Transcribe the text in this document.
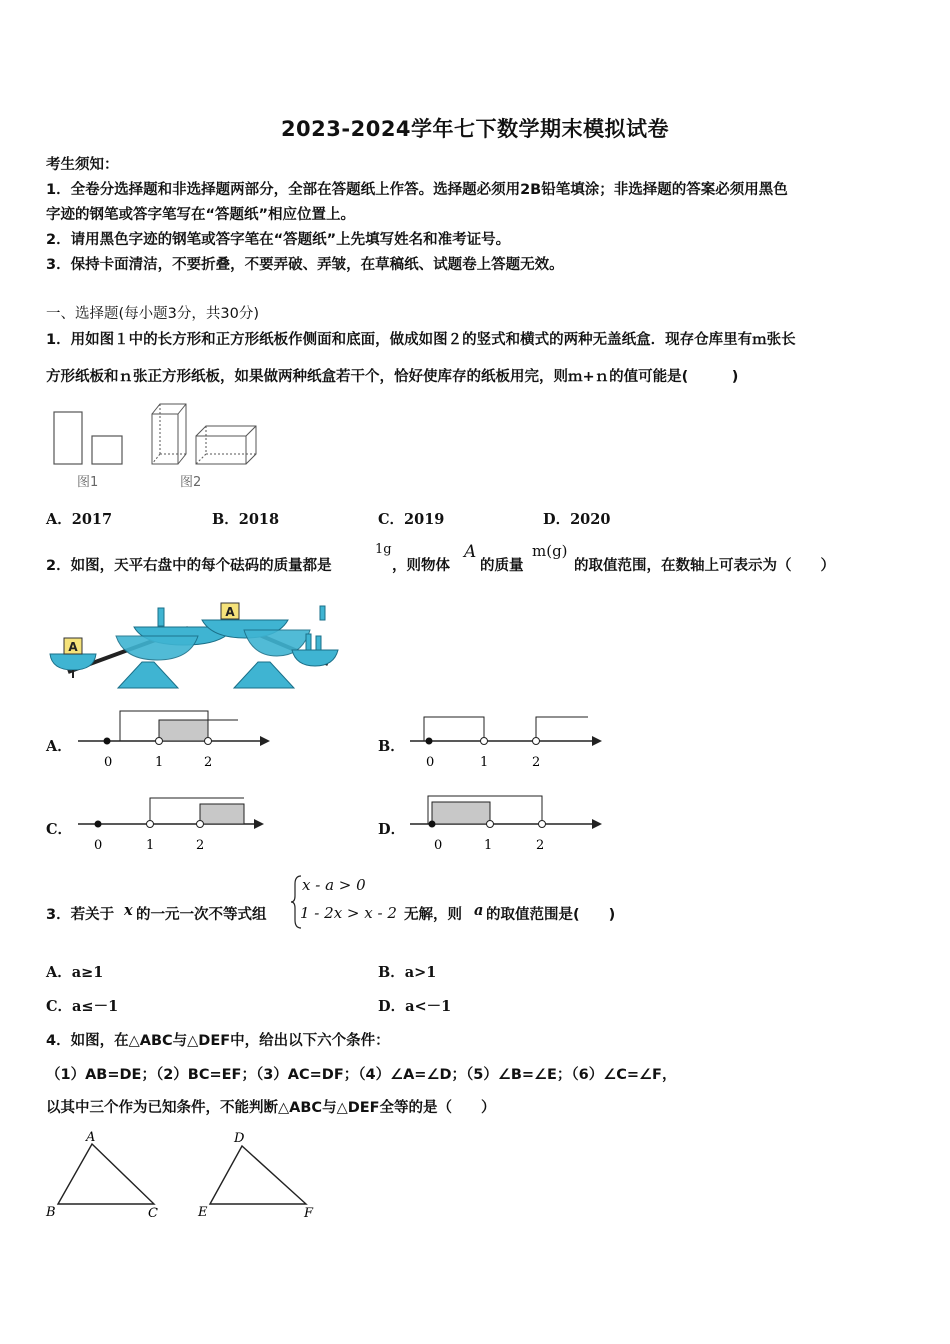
2023-2024学年七下数学期末模拟试卷
考生须知：
1．全卷分选择题和非选择题两部分，全部在答题纸上作答。选择题必须用2B铅笔填涂；非选择题的答案必须用黑色
字迹的钢笔或答字笔写在“答题纸”相应位置上。
2．请用黑色字迹的钢笔或答字笔在“答题纸”上先填写姓名和准考证号。
3．保持卡面清洁，不要折叠，不要弄破、弄皱，在草稿纸、试题卷上答题无效。
一、选择题(每小题3分，共30分)
1．用如图１中的长方形和正方形纸板作侧面和底面，做成如图２的竖式和横式的两种无盖纸盒．现存仓库里有ｍ张长
方形纸板和ｎ张正方形纸板，如果做两种纸盒若干个，恰好使库存的纸板用完，则ｍ+ｎ的值可能是(　　　)
图1	图2
A．2017	B．2018	C．2019	D．2020
2．如图，天平右盘中的每个砝码的质量都是
1g
，则物体
A
的质量
m(g)
的取值范围，在数轴上可表示为（　　）
A
A
A．
0	1	2
B．
0	1	2
C．
0	1	2
D．
0	1	2
3．若关于 x 的一元一次不等式组
x - a > 0
1 - 2x > x - 2 无解，则 a 的取值范围是(　　)
A．a≥1	B．a>1
C．a≤－1	D．a<－1
4．如图，在△ABC与△DEF中，给出以下六个条件：
（1）AB=DE；（2）BC=EF；（3）AC=DF；（4）∠A=∠D；（5）∠B=∠E；（6）∠C=∠F，
以其中三个作为已知条件，不能判断△ABC与△DEF全等的是（　　）
A
B	C
D
E	F
